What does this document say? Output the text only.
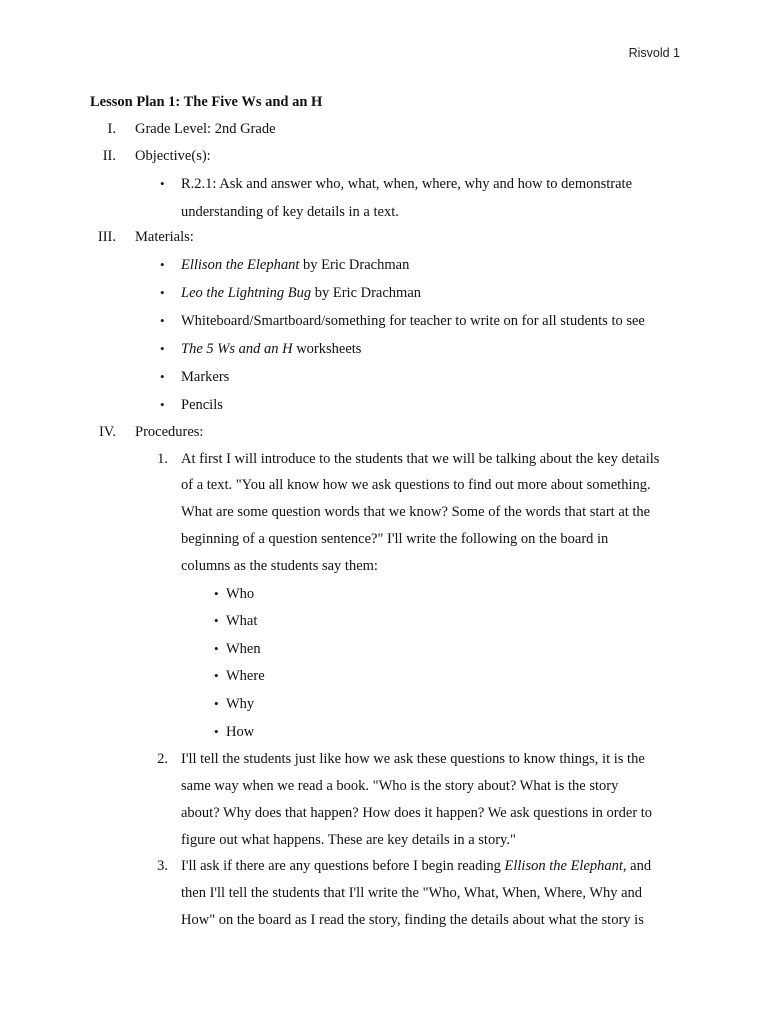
Risvold 1
Lesson Plan 1: The Five Ws and an H
I. Grade Level: 2nd Grade
II. Objective(s):
• R.2.1: Ask and answer who, what, when, where, why and how to demonstrate
understanding of key details in a text.
III. Materials:
• Ellison the Elephant by Eric Drachman
• Leo the Lightning Bug by Eric Drachman
• Whiteboard/Smartboard/something for teacher to write on for all students to see
• The 5 Ws and an H worksheets
• Markers
• Pencils
IV. Procedures:
1. At first I will introduce to the students that we will be talking about the key details
of a text. "You all know how we ask questions to find out more about something.
What are some question words that we know? Some of the words that start at the
beginning of a question sentence?" I'll write the following on the board in
columns as the students say them:
• Who
• What
• When
• Where
• Why
• How
2. I'll tell the students just like how we ask these questions to know things, it is the
same way when we read a book. "Who is the story about? What is the story
about? Why does that happen? How does it happen? We ask questions in order to
figure out what happens. These are key details in a story."
3. I'll ask if there are any questions before I begin reading Ellison the Elephant, and
then I'll tell the students that I'll write the "Who, What, When, Where, Why and
How" on the board as I read the story, finding the details about what the story is
